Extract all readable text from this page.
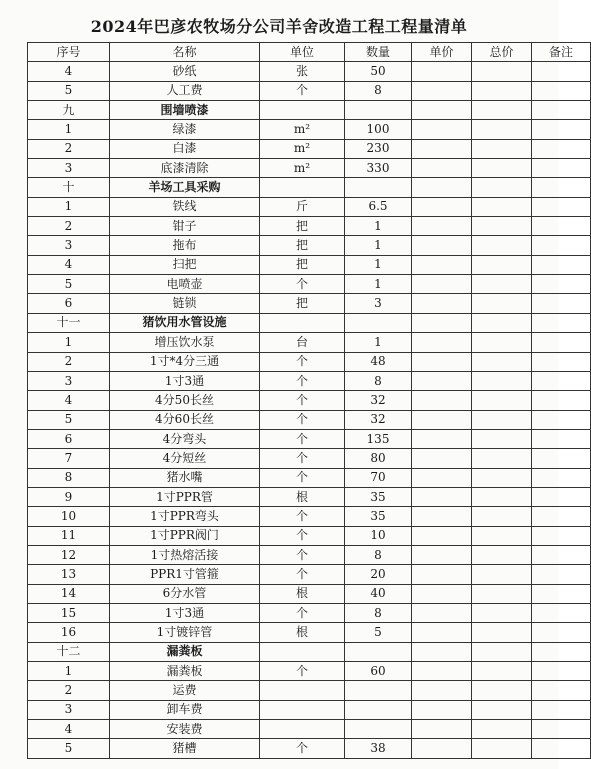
2024年巴彦农牧场分公司羊舍改造工程工程量清单
序号	名称	单位	数量	单价	总价	备注
4	砂纸	张	50			
5	人工费	个	8			
九	围墙喷漆					
1	绿漆	m²	100			
2	白漆	m²	230			
3	底漆清除	m²	330			
十	羊场工具采购					
1	铁线	斤	6.5			
2	钳子	把	1			
3	拖布	把	1			
4	扫把	把	1			
5	电喷壶	个	1			
6	链锁	把	3			
十一	猪饮用水管设施					
1	增压饮水泵	台	1			
2	1寸*4分三通	个	48			
3	1寸3通	个	8			
4	4分50长丝	个	32			
5	4分60长丝	个	32			
6	4分弯头	个	135			
7	4分短丝	个	80			
8	猪水嘴	个	70			
9	1寸PPR管	根	35			
10	1寸PPR弯头	个	35			
11	1寸PPR阀门	个	10			
12	1寸热熔活接	个	8			
13	PPR1寸管箍	个	20			
14	6分水管	根	40			
15	1寸3通	个	8			
16	1寸镀锌管	根	5			
十二	漏粪板					
1	漏粪板	个	60			
2	运费					
3	卸车费					
4	安装费					
5	猪槽	个	38			
